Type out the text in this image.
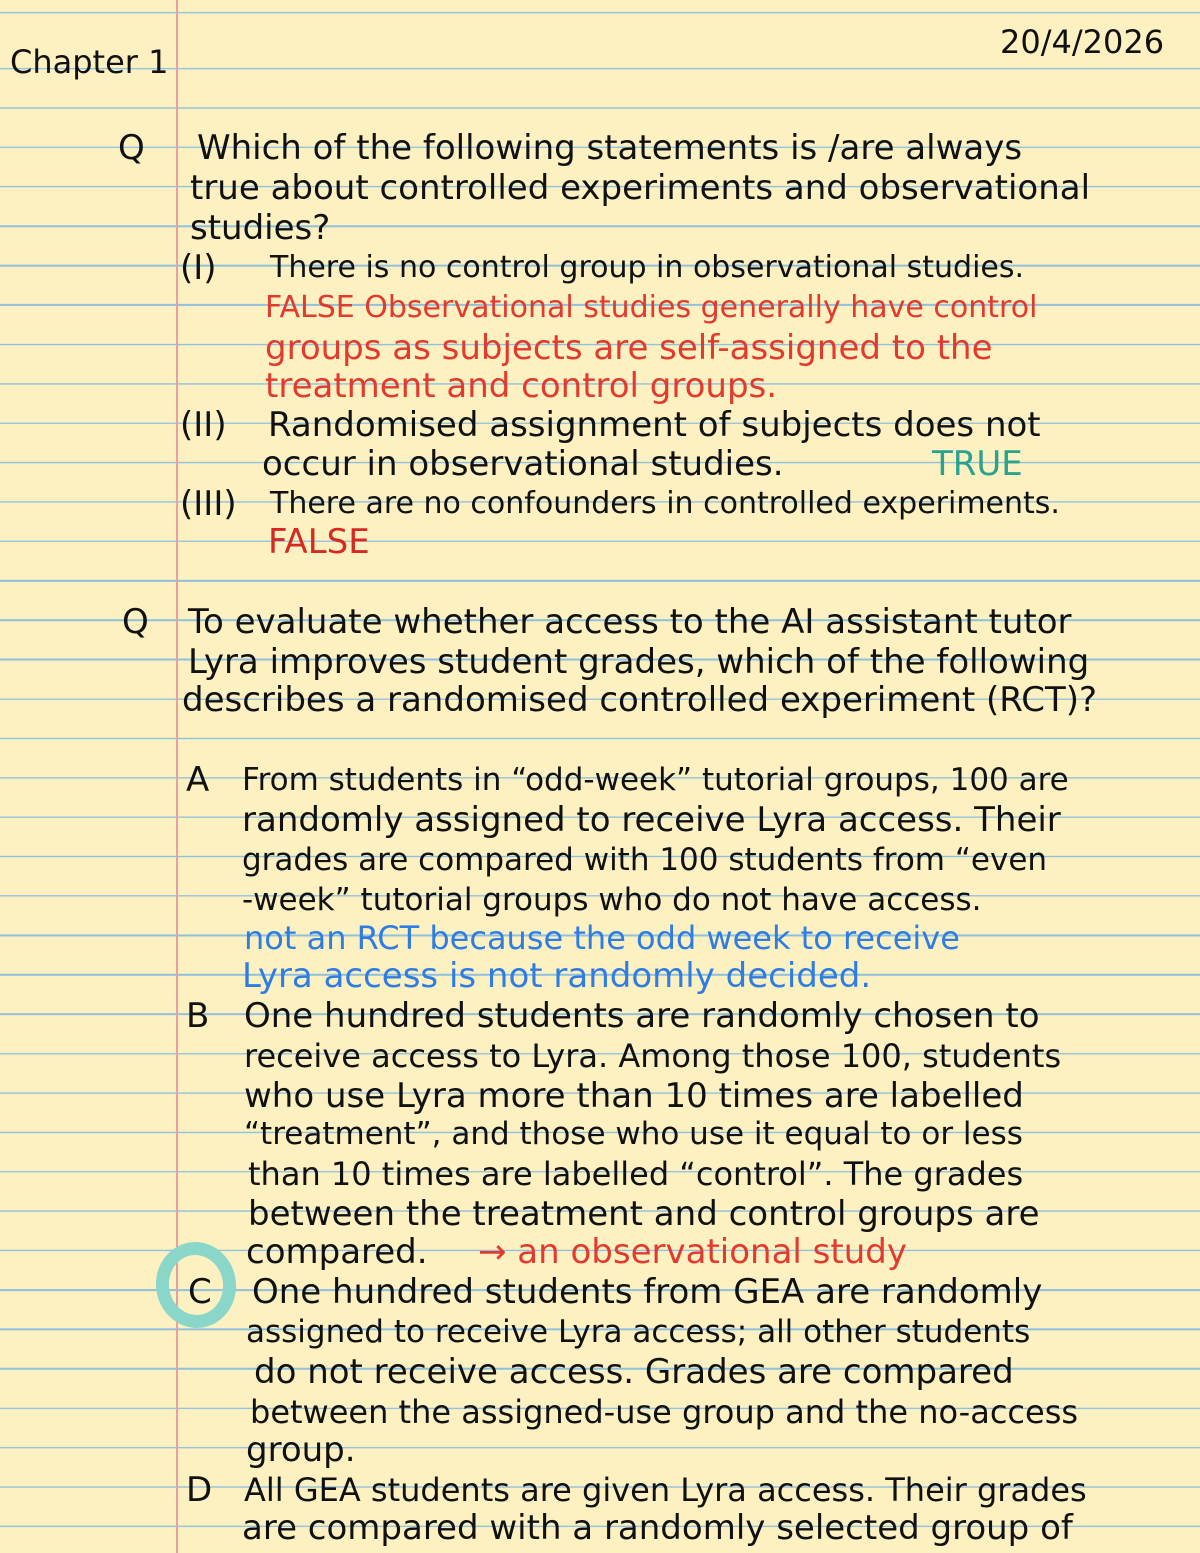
Chapter 1
20/4/2026
Q Which of the following statements is /are always
true about controlled experiments and observational
studies?
(I) There is no control group in observational studies.
FALSE Observational studies generally have control
groups as subjects are self-assigned to the
treatment and control groups.
(II) Randomised assignment of subjects does not
occur in observational studies.	TRUE
(III) There are no confounders in controlled experiments.
FALSE
Q To evaluate whether access to the AI assistant tutor
Lyra improves student grades, which of the following
describes a randomised controlled experiment (RCT)?
A From students in “odd-week” tutorial groups, 100 are
randomly assigned to receive Lyra access. Their
grades are compared with 100 students from “even
-week” tutorial groups who do not have access.
not an RCT because the odd week to receive
Lyra access is not randomly decided.
B One hundred students are randomly chosen to
receive access to Lyra. Among those 100, students
who use Lyra more than 10 times are labelled
“treatment”, and those who use it equal to or less
than 10 times are labelled “control”. The grades
between the treatment and control groups are
compared. → an observational study
C One hundred students from GEA are randomly
assigned to receive Lyra access; all other students
do not receive access. Grades are compared
between the assigned-use group and the no-access
group.
D All GEA students are given Lyra access. Their grades
are compared with a randomly selected group of
